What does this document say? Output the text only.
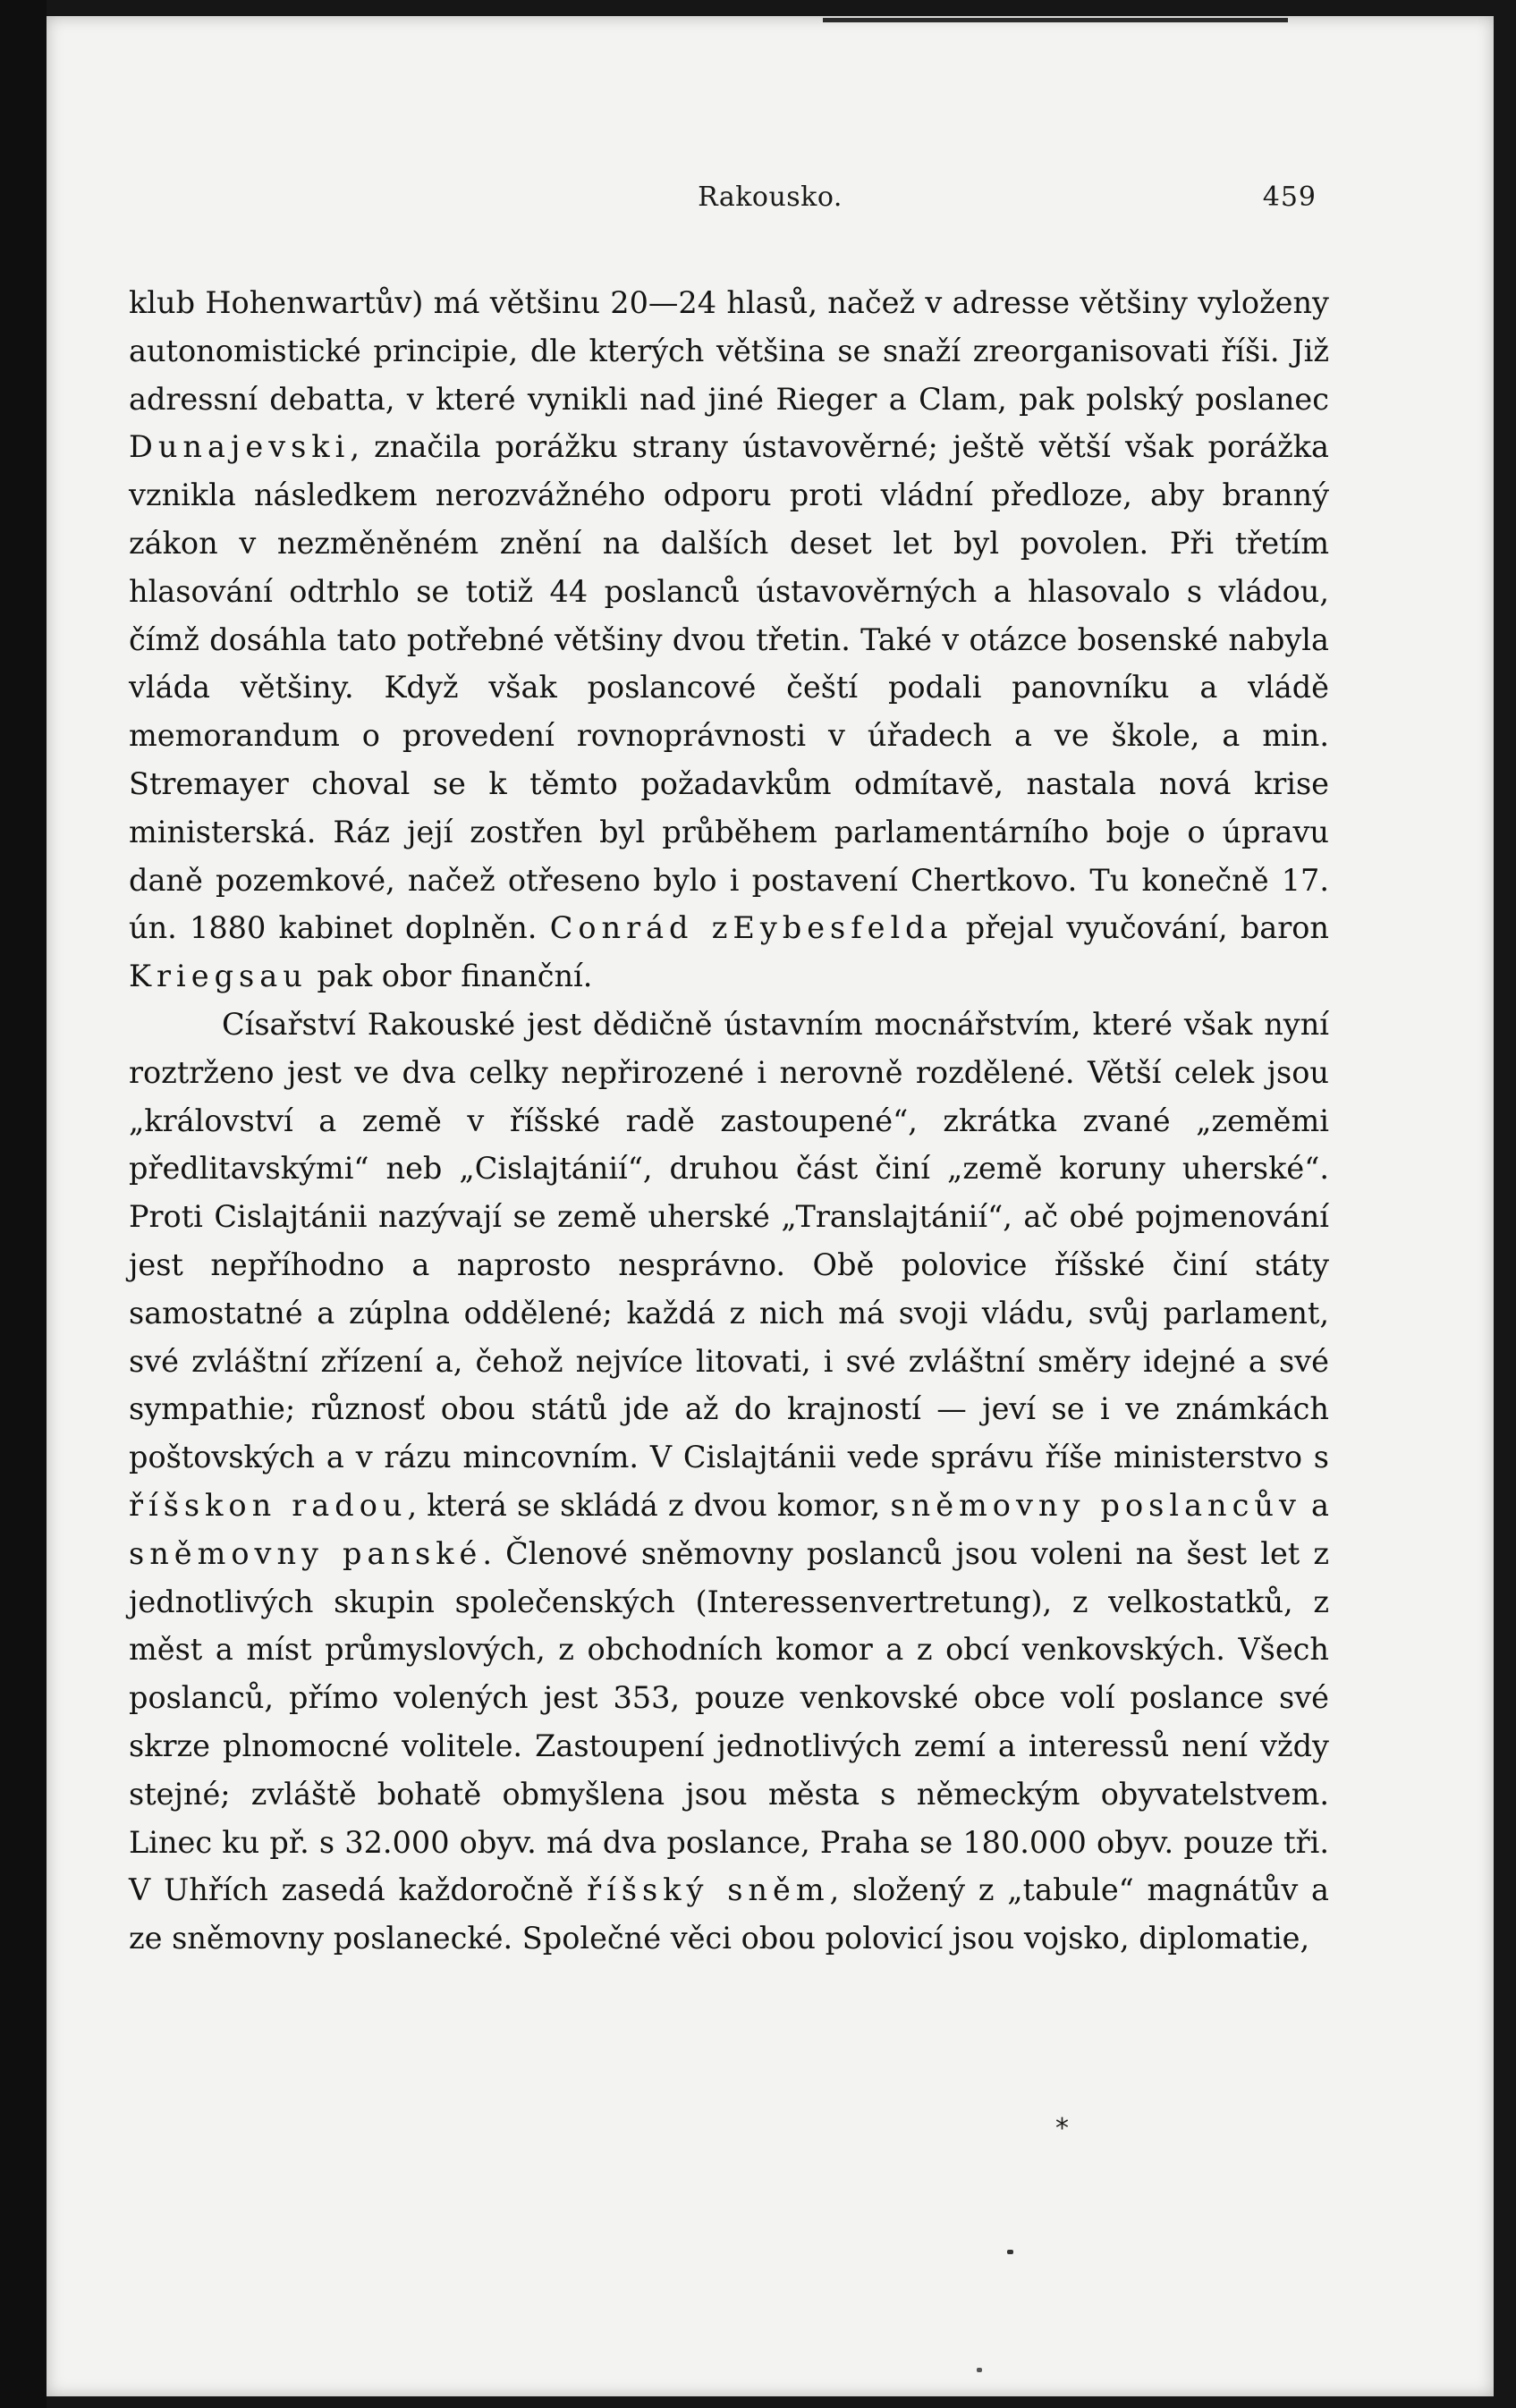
Rakousko.	459

klub Hohenwartův) má většinu 20—24 hlasů, načež v adresse většiny vyloženy autonomistické principie, dle kterých většina se snaží zreorganisovati říši. Již adressní debatta, v které vynikli nad jiné Rieger a Clam, pak polský poslanec Dunajevski, značila porážku strany ústavověrné; ještě větší však porážka vznikla následkem nerozvážného odporu proti vládní předloze, aby branný zákon v nezměněném znění na dalších deset let byl povolen. Při třetím hlasování odtrhlo se totiž 44 poslanců ústavověrných a hlasovalo s vládou, čímž dosáhla tato potřebné většiny dvou třetin. Také v otázce bosenské nabyla vláda většiny. Když však poslancové čeští podali panovníku a vládě memorandum o provedení rovnoprávnosti v úřadech a ve škole, a min. Stremayer choval se k těmto požadavkům odmítavě, nastala nová krise ministerská. Ráz její zostřen byl průběhem parlamentárního boje o úpravu daně pozemkové, načež otřeseno bylo i postavení Chertkovo. Tu konečně 17. ún. 1880 kabinet doplněn. Conrád zEybesfelda přejal vyučování, baron Kriegsau pak obor finanční.

Císařství Rakouské jest dědičně ústavním mocnářstvím, které však nyní roztrženo jest ve dva celky nepřirozené i nerovně rozdělené. Větší celek jsou „království a země v říšské radě zastoupené“, zkrátka zvané „zeměmi předlitavskými“ neb „Cislajtánií“, druhou část činí „země koruny uherské“. Proti Cislajtánii nazývají se země uherské „Translajtánií“, ač obé pojmenování jest nepříhodno a naprosto nesprávno. Obě polovice říšské činí státy samostatné a zúplna oddělené; každá z nich má svoji vládu, svůj parlament, své zvláštní zřízení a, čehož nejvíce litovati, i své zvláštní směry idejné a své sympathie; různosť obou států jde až do krajností — jeví se i ve známkách poštovských a v rázu mincovním. V Cislajtánii vede správu říše ministerstvo s říšskon radou, která se skládá z dvou komor, sněmovny poslancův a sněmovny panské. Členové sněmovny poslanců jsou voleni na šest let z jednotlivých skupin společenských (Interessenvertretung), z velkostatků, z měst a míst průmyslových, z obchodních komor a z obcí venkovských. Všech poslanců, přímo volených jest 353, pouze venkovské obce volí poslance své skrze plnomocné volitele. Zastoupení jednotlivých zemí a interessů není vždy stejné; zvláště bohatě obmyšlena jsou města s německým obyvatelstvem. Linec ku př. s 32.000 obyv. má dva poslance, Praha se 180.000 obyv. pouze tři. V Uhřích zasedá každoročně říšský sněm, složený z „tabule“ magnátův a ze sněmovny poslanecké. Společné věci obou polovicí jsou vojsko, diplomatie,

*
